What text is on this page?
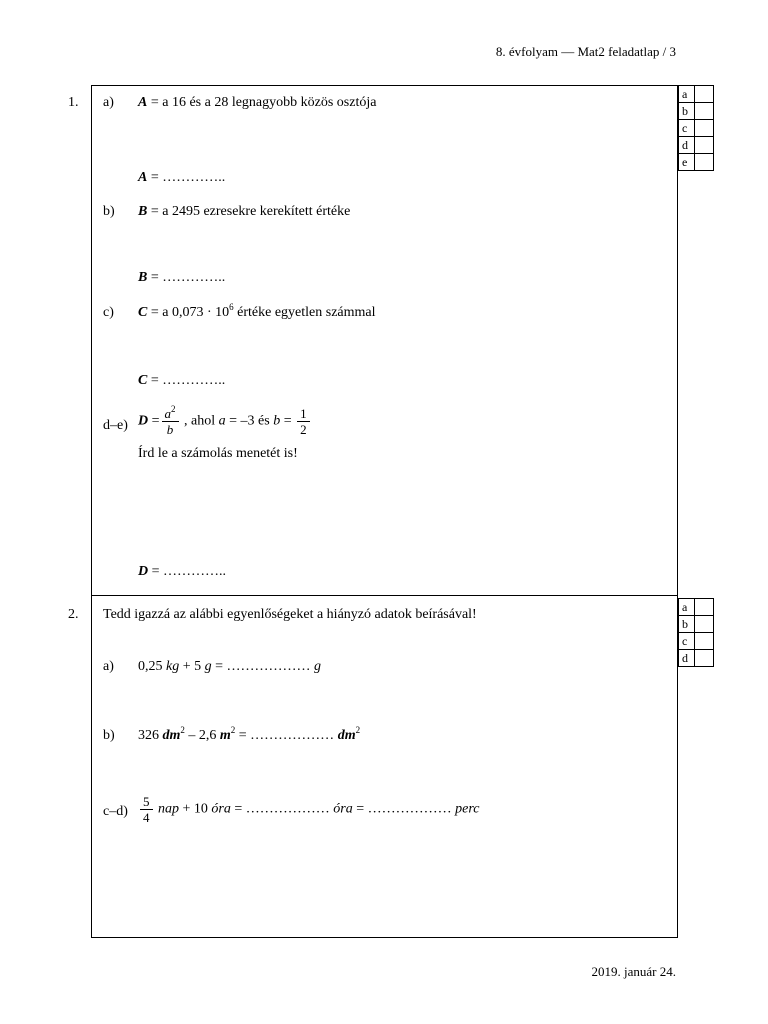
8. évfolyam — Mat2 feladatlap / 3
1.
a	
b	
c	
d	
e	
a) A = a 16 és a 28 legnagyobb közös osztója
A = …………..
b) B = a 2495 ezresekre kerekített értéke
B = …………..
c) C = a $0,073 \cdot 10^6$ értéke egyetlen számmal
C = …………..
d–e) $D = \frac{a^2}{b}$ , ahol a = –3 és $b = \frac{1}{2}$
Írd le a számolás menetét is!
D = …………..
2.	a	
b	
c	
d	
Tedd igazzá az alábbi egyenlőségeket a hiányzó adatok beírásával!
a) 0,25 kg + 5 g = ……………… g
b) 326 $dm^2 - 2,6$ $m^2$ = ……………… $dm^2$
$c-d) \frac{5}{4}$ nap + 10 óra = ……………… óra = ……………… perc
2019. január 24.
